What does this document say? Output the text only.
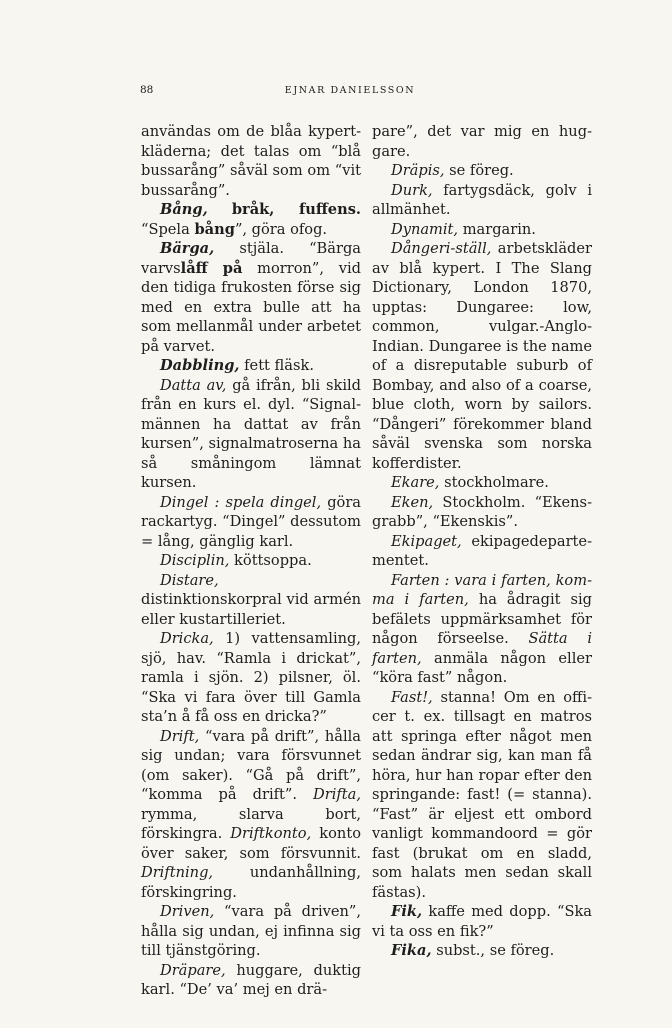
88	EJNAR DANIELSSON

användas om de blåa kypertkläderna; det talas om “blå bussarång” såväl som om “vit bussarång”.

Bång, bråk, fuffens. “Spela bång”, göra ofog.

Bärga, stjäla. “Bärga varvslåff på morron”, vid den tidiga frukosten förse sig med en extra bulle att ha som mellanmål under arbetet på varvet.

Dabbling, fett fläsk.

Datta av, gå ifrån, bli skild från en kurs el. dyl. “Signalmännen ha dattat av från kursen”, signalmatroserna ha så småningom lämnat kursen.

Dingel : spela dingel, göra rackartyg. “Dingel” dessutom = lång, gänglig karl.

Disciplin, köttsoppa.

Distare, distinktionskorpral vid armén eller kustartilleriet.

Dricka, 1) vattensamling, sjö, hav. “Ramla i drickat”, ramla i sjön. 2) pilsner, öl. “Ska vi fara över till Gamla sta’n å få oss en dricka?”

Drift, “vara på drift”, hålla sig undan; vara försvunnet (om saker). “Gå på drift”, “komma på drift”. Drifta, rymma, slarva bort, förskingra. Driftkonto, konto över saker, som försvunnit. Driftning, undanhållning, förskingring.

Driven, “vara på driven”, hålla sig undan, ej infinna sig till tjänstgöring.

Dräpare, huggare, duktig karl. “De’ va’ mej en drä-

pare”, det var mig en huggare.

Dräpis, se föreg.

Durk, fartygsdäck, golv i allmänhet.

Dynamit, margarin.

Dångeri-ställ, arbetskläder av blå kypert. I The Slang Dictionary, London 1870, upptas: Dungaree: low, common, vulgar.-Anglo-Indian. Dungaree is the name of a disreputable suburb of Bombay, and also of a coarse, blue cloth, worn by sailors. “Dångeri” förekommer bland såväl svenska som norska kofferdister.

Ekare, stockholmare.

Eken, Stockholm. “Ekensgrabb”, “Ekenskis”.

Ekipaget, ekipagedepartementet.

Farten : vara i farten, komma i farten, ha ådragit sig befälets uppmärksamhet för någon förseelse. Sätta i farten, anmäla någon eller “köra fast” någon.

Fast!, stanna! Om en officer t. ex. tillsagt en matros att springa efter något men sedan ändrar sig, kan man få höra, hur han ropar efter den springande: fast! (= stanna). “Fast” är eljest ett ombord vanligt kommandoord = gör fast (brukat om en sladd, som halats men sedan skall fästas).

Fik, kaffe med dopp. “Ska vi ta oss en fik?”

Fika, subst., se föreg.
